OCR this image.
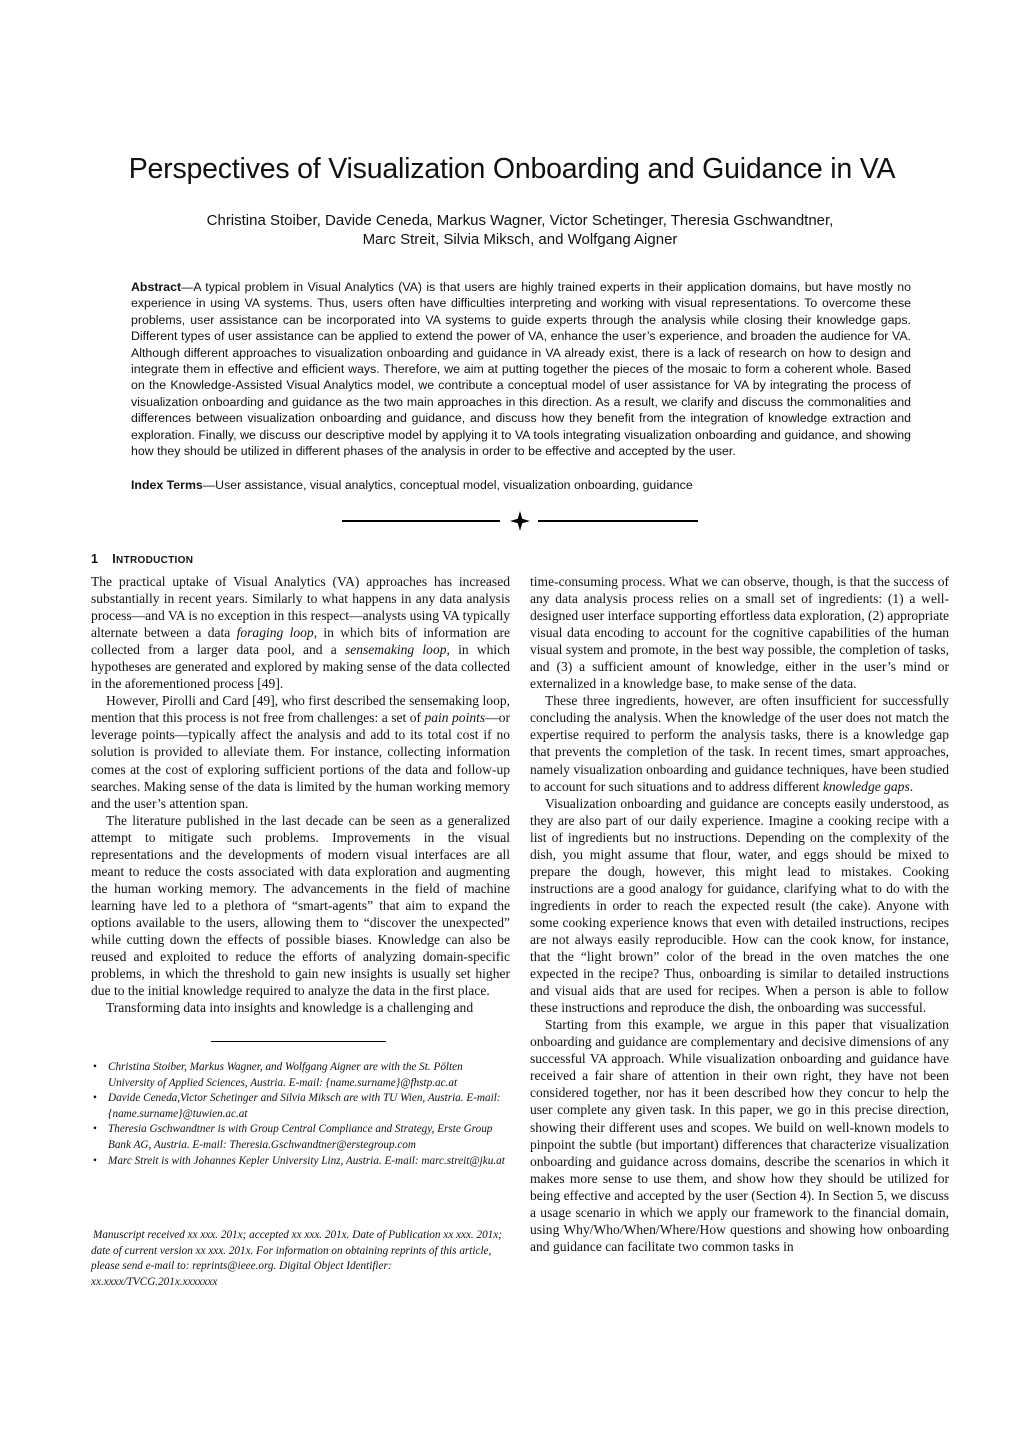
Perspectives of Visualization Onboarding and Guidance in VA

Christina Stoiber, Davide Ceneda, Markus Wagner, Victor Schetinger, Theresia Gschwandtner,
Marc Streit, Silvia Miksch, and Wolfgang Aigner

Abstract—A typical problem in Visual Analytics (VA) is that users are highly trained experts in their application domains, but have mostly no experience in using VA systems. Thus, users often have difficulties interpreting and working with visual representations. To overcome these problems, user assistance can be incorporated into VA systems to guide experts through the analysis while closing their knowledge gaps. Different types of user assistance can be applied to extend the power of VA, enhance the user’s experience, and broaden the audience for VA. Although different approaches to visualization onboarding and guidance in VA already exist, there is a lack of research on how to design and integrate them in effective and efficient ways. Therefore, we aim at putting together the pieces of the mosaic to form a coherent whole. Based on the Knowledge-Assisted Visual Analytics model, we contribute a conceptual model of user assistance for VA by integrating the process of visualization onboarding and guidance as the two main approaches in this direction. As a result, we clarify and discuss the commonalities and differences between visualization onboarding and guidance, and discuss how they benefit from the integration of knowledge extraction and exploration. Finally, we discuss our descriptive model by applying it to VA tools integrating visualization onboarding and guidance, and showing how they should be utilized in different phases of the analysis in order to be effective and accepted by the user.

Index Terms—User assistance, visual analytics, conceptual model, visualization onboarding, guidance

1 INTRODUCTION

The practical uptake of Visual Analytics (VA) approaches has increased substantially in recent years. Similarly to what happens in any data analysis process—and VA is no exception in this respect—analysts using VA typically alternate between a data foraging loop, in which bits of information are collected from a larger data pool, and a sensemaking loop, in which hypotheses are generated and explored by making sense of the data collected in the aforementioned process [49].

However, Pirolli and Card [49], who first described the sensemaking loop, mention that this process is not free from challenges: a set of pain points—or leverage points—typically affect the analysis and add to its total cost if no solution is provided to alleviate them. For instance, collecting information comes at the cost of exploring sufficient portions of the data and follow-up searches. Making sense of the data is limited by the human working memory and the user’s attention span.

The literature published in the last decade can be seen as a generalized attempt to mitigate such problems. Improvements in the visual representations and the developments of modern visual interfaces are all meant to reduce the costs associated with data exploration and augmenting the human working memory. The advancements in the field of machine learning have led to a plethora of “smart-agents” that aim to expand the options available to the users, allowing them to “discover the unexpected” while cutting down the effects of possible biases. Knowledge can also be reused and exploited to reduce the efforts of analyzing domain-specific problems, in which the threshold to gain new insights is usually set higher due to the initial knowledge required to analyze the data in the first place.

Transforming data into insights and knowledge is a challenging and

• Christina Stoiber, Markus Wagner, and Wolfgang Aigner are with the St. Pölten University of Applied Sciences, Austria. E-mail: {name.surname}@fhstp.ac.at
• Davide Ceneda,Victor Schetinger and Silvia Miksch are with TU Wien, Austria. E-mail: {name.surname}@tuwien.ac.at
• Theresia Gschwandtner is with Group Central Compliance and Strategy, Erste Group Bank AG, Austria. E-mail: Theresia.Gschwandtner@erstegroup.com
• Marc Streit is with Johannes Kepler University Linz, Austria. E-mail: marc.streit@jku.at

Manuscript received xx xxx. 201x; accepted xx xxx. 201x. Date of Publication xx xxx. 201x; date of current version xx xxx. 201x. For information on obtaining reprints of this article, please send e-mail to: reprints@ieee.org. Digital Object Identifier: xx.xxxx/TVCG.201x.xxxxxxx

time-consuming process. What we can observe, though, is that the success of any data analysis process relies on a small set of ingredients: (1) a well-designed user interface supporting effortless data exploration, (2) appropriate visual data encoding to account for the cognitive capabilities of the human visual system and promote, in the best way possible, the completion of tasks, and (3) a sufficient amount of knowledge, either in the user’s mind or externalized in a knowledge base, to make sense of the data.

These three ingredients, however, are often insufficient for successfully concluding the analysis. When the knowledge of the user does not match the expertise required to perform the analysis tasks, there is a knowledge gap that prevents the completion of the task. In recent times, smart approaches, namely visualization onboarding and guidance techniques, have been studied to account for such situations and to address different knowledge gaps.

Visualization onboarding and guidance are concepts easily understood, as they are also part of our daily experience. Imagine a cooking recipe with a list of ingredients but no instructions. Depending on the complexity of the dish, you might assume that flour, water, and eggs should be mixed to prepare the dough, however, this might lead to mistakes. Cooking instructions are a good analogy for guidance, clarifying what to do with the ingredients in order to reach the expected result (the cake). Anyone with some cooking experience knows that even with detailed instructions, recipes are not always easily reproducible. How can the cook know, for instance, that the “light brown” color of the bread in the oven matches the one expected in the recipe? Thus, onboarding is similar to detailed instructions and visual aids that are used for recipes. When a person is able to follow these instructions and reproduce the dish, the onboarding was successful.

Starting from this example, we argue in this paper that visualization onboarding and guidance are complementary and decisive dimensions of any successful VA approach. While visualization onboarding and guidance have received a fair share of attention in their own right, they have not been considered together, nor has it been described how they concur to help the user complete any given task. In this paper, we go in this precise direction, showing their different uses and scopes. We build on well-known models to pinpoint the subtle (but important) differences that characterize visualization onboarding and guidance across domains, describe the scenarios in which it makes more sense to use them, and show how they should be utilized for being effective and accepted by the user (Section 4). In Section 5, we discuss a usage scenario in which we apply our framework to the financial domain, using Why/Who/When/Where/How questions and showing how onboarding and guidance can facilitate two common tasks in
